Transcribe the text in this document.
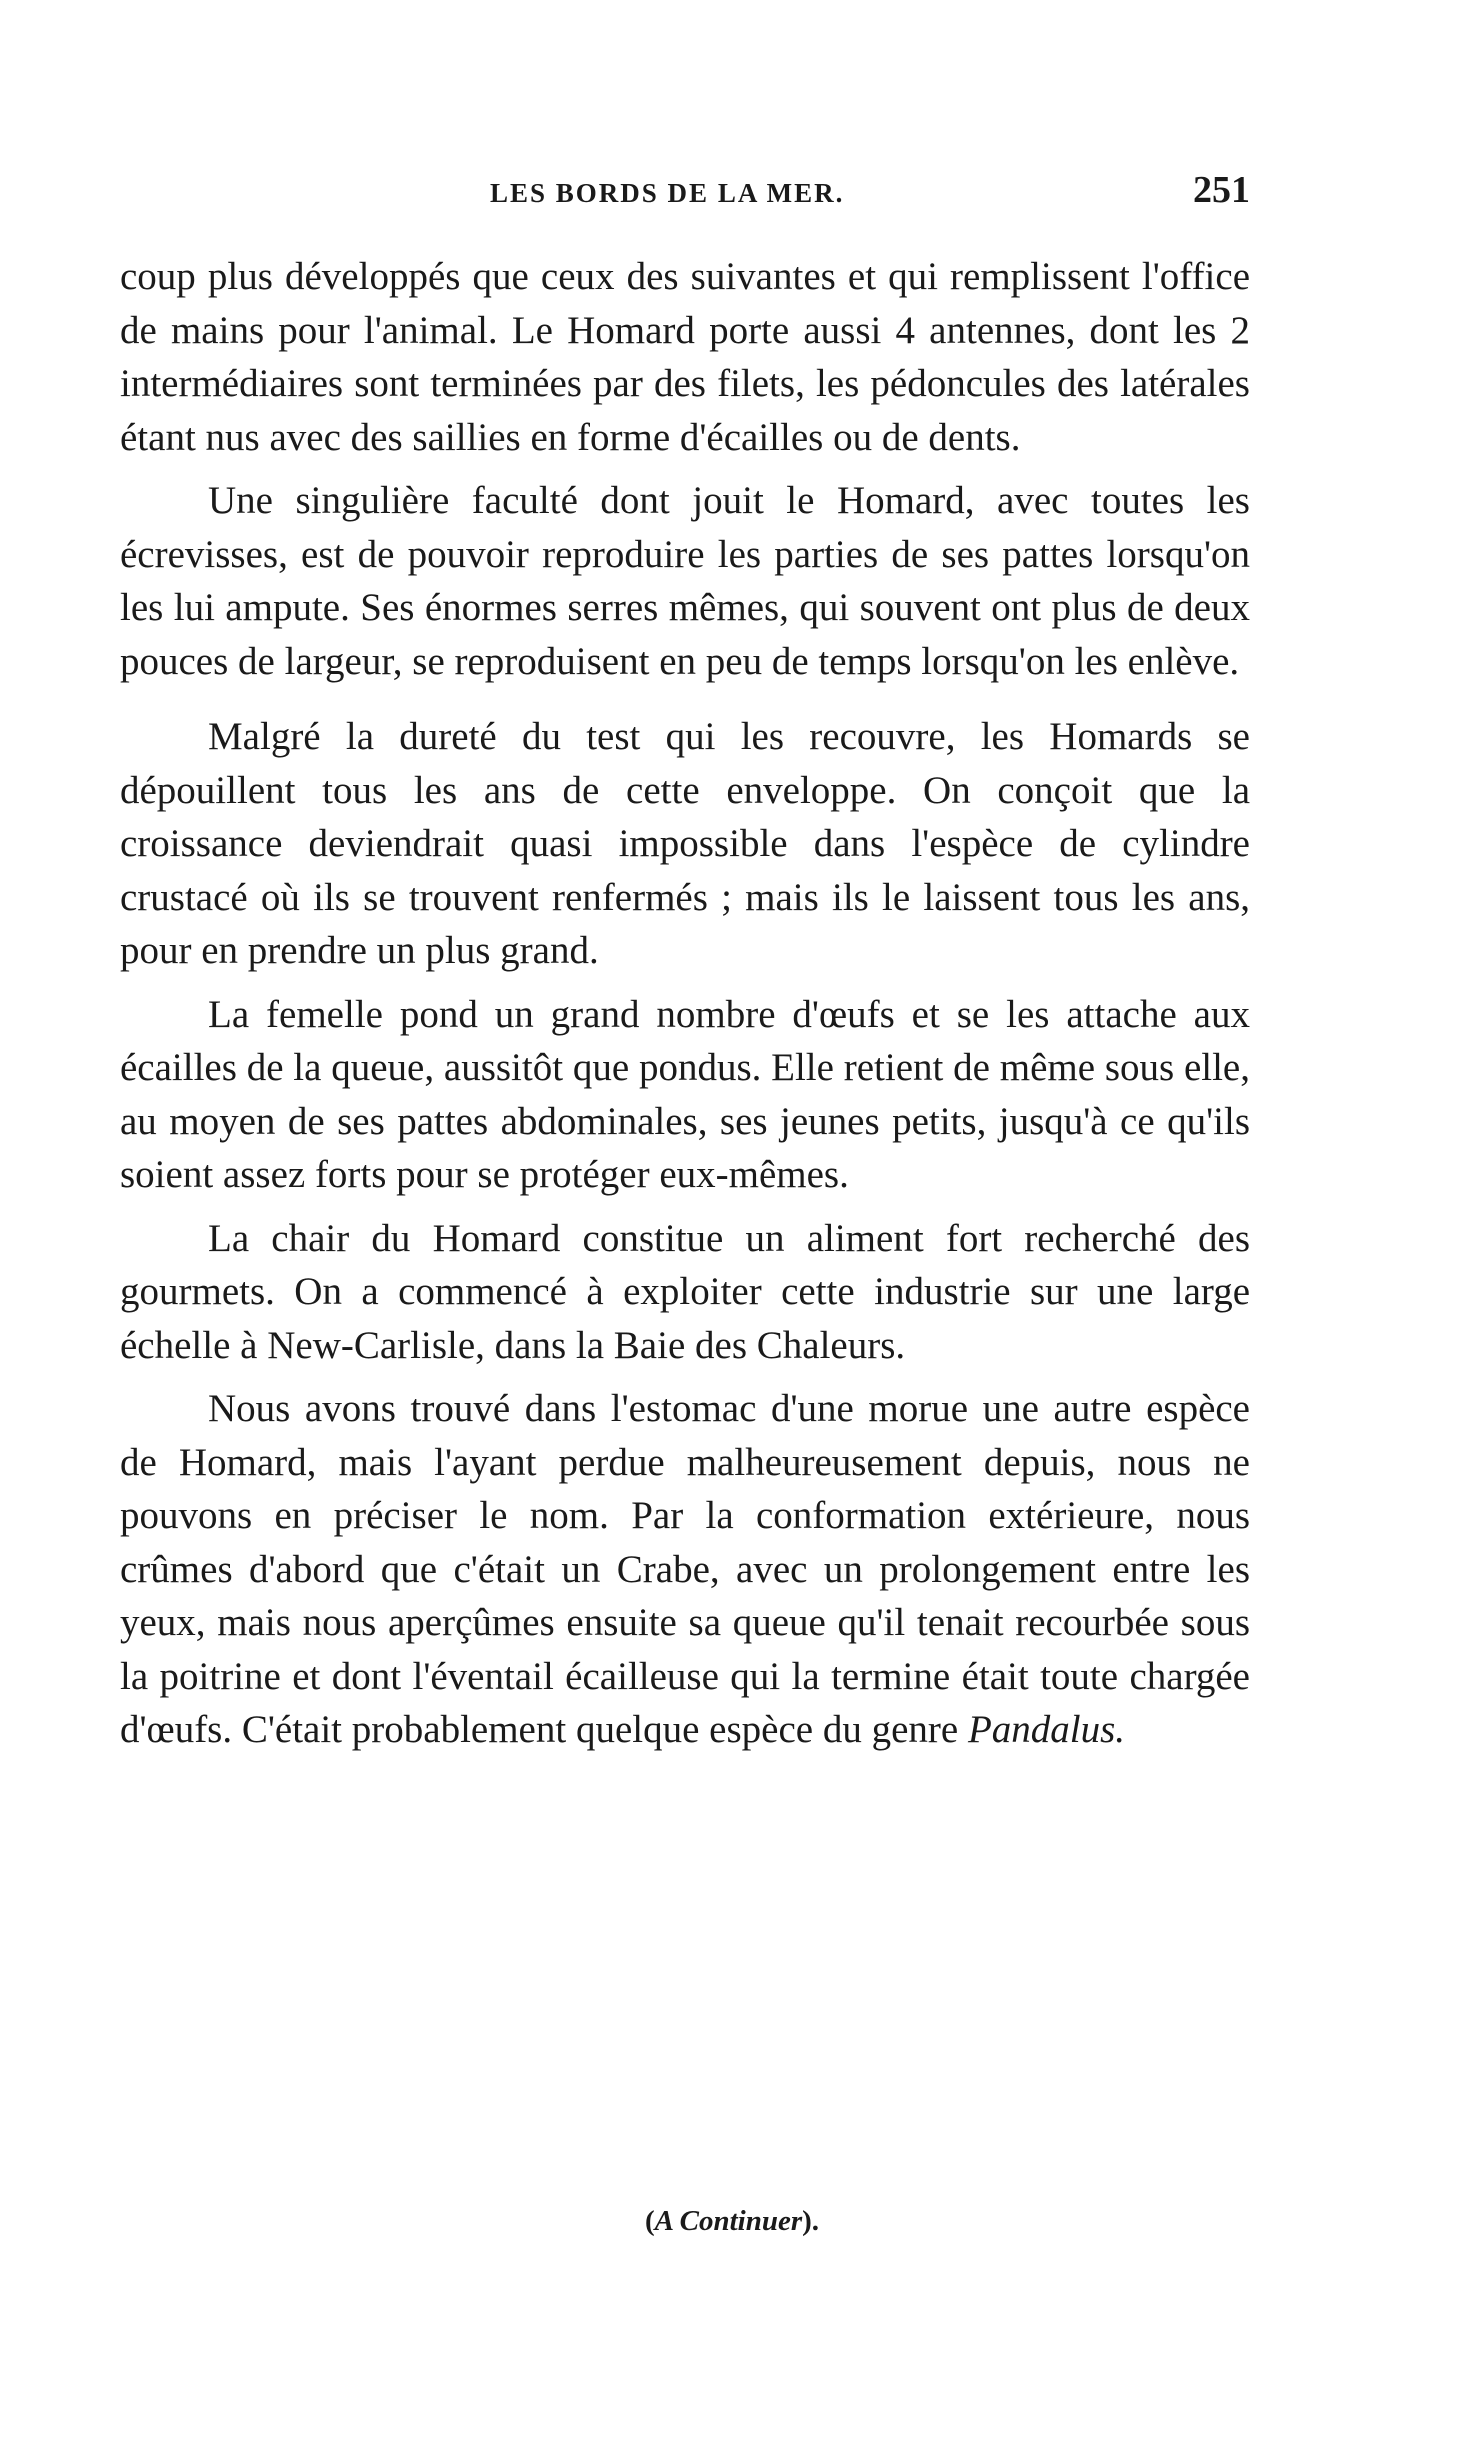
LES BORDS DE LA MER.	251

coup plus développés que ceux des suivantes et qui remplissent l'office de mains pour l'animal. Le Homard porte aussi 4 antennes, dont les 2 intermédiaires sont terminées par des filets, les pédoncules des latérales étant nus avec des saillies en forme d'écailles ou de dents.

Une singulière faculté dont jouit le Homard, avec toutes les écrevisses, est de pouvoir reproduire les parties de ses pattes lorsqu'on les lui ampute. Ses énormes serres mêmes, qui souvent ont plus de deux pouces de largeur, se reproduisent en peu de temps lorsqu'on les enlève.

Malgré la dureté du test qui les recouvre, les Homards se dépouillent tous les ans de cette enveloppe. On conçoit que la croissance deviendrait quasi impossible dans l'espèce de cylindre crustacé où ils se trouvent renfermés ; mais ils le laissent tous les ans, pour en prendre un plus grand.

La femelle pond un grand nombre d'œufs et se les attache aux écailles de la queue, aussitôt que pondus. Elle retient de même sous elle, au moyen de ses pattes abdominales, ses jeunes petits, jusqu'à ce qu'ils soient assez forts pour se protéger eux-mêmes.

La chair du Homard constitue un aliment fort recherché des gourmets. On a commencé à exploiter cette industrie sur une large échelle à New-Carlisle, dans la Baie des Chaleurs.

Nous avons trouvé dans l'estomac d'une morue une autre espèce de Homard, mais l'ayant perdue malheureusement depuis, nous ne pouvons en préciser le nom. Par la conformation extérieure, nous crûmes d'abord que c'était un Crabe, avec un prolongement entre les yeux, mais nous aperçûmes ensuite sa queue qu'il tenait recourbée sous la poitrine et dont l'éventail écailleuse qui la termine était toute chargée d'œufs. C'était probablement quelque espèce du genre Pandalus.

(A Continuer).
